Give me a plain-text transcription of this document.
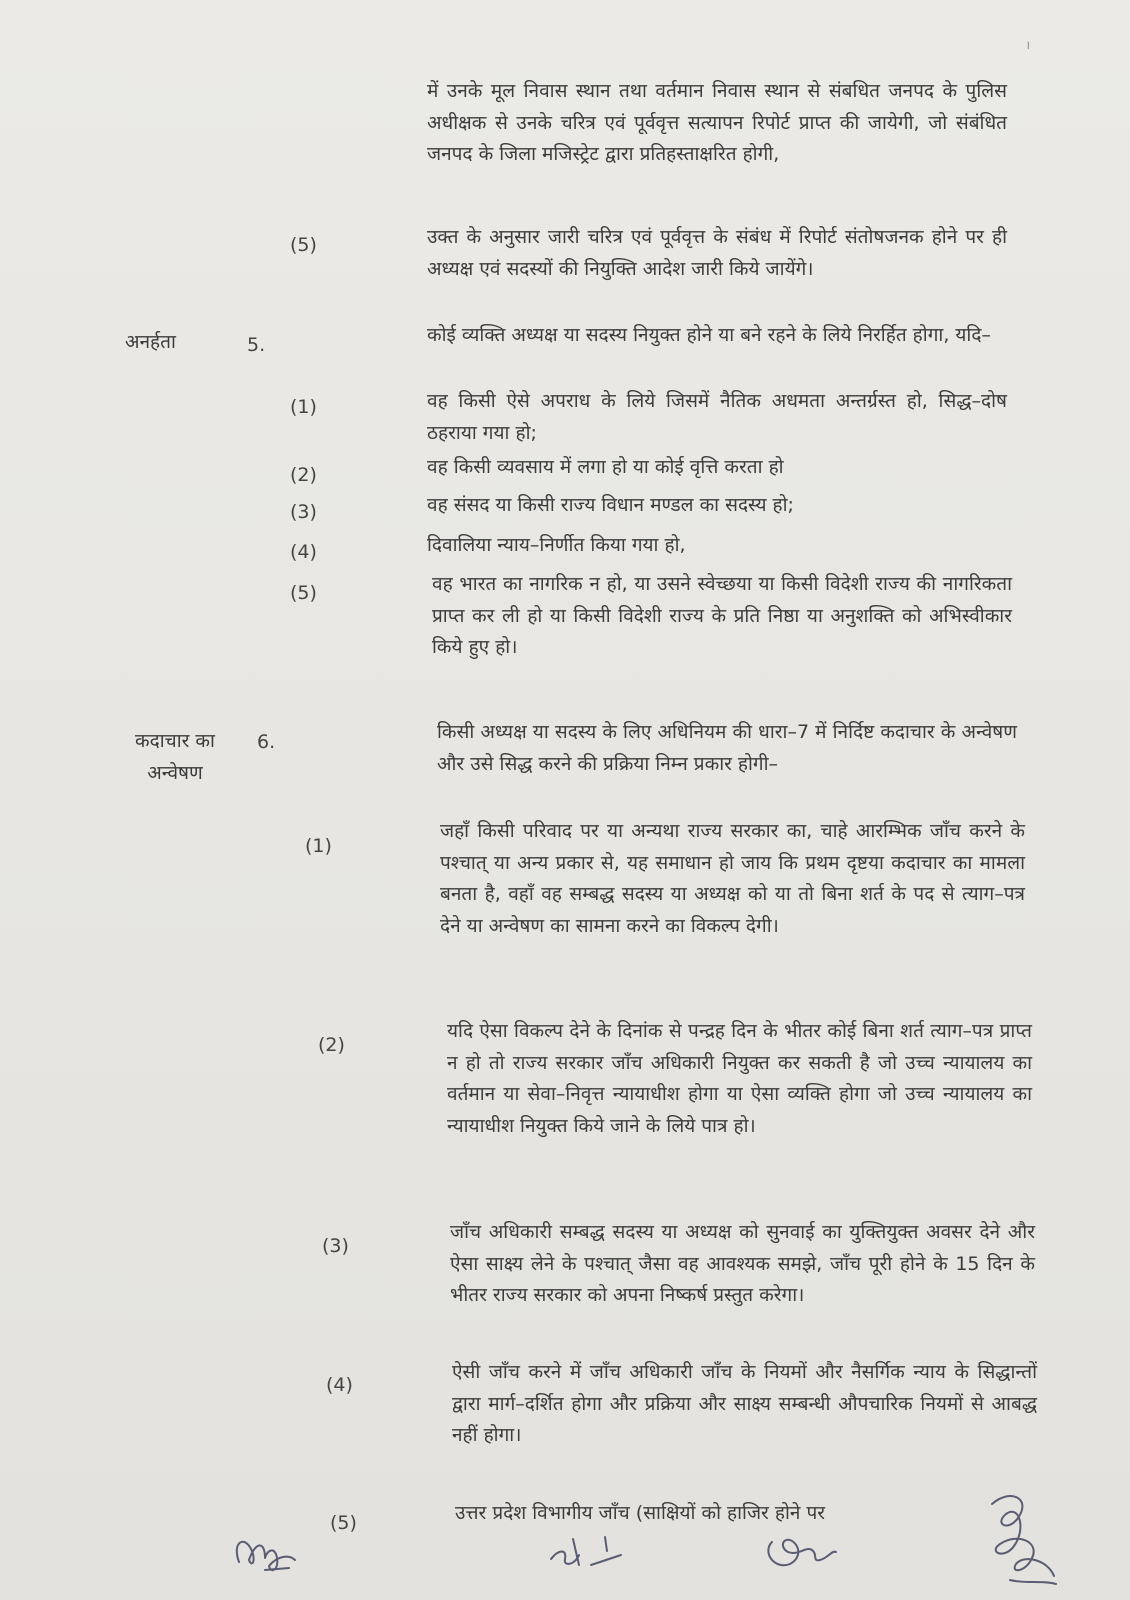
।
में उनके मूल निवास स्थान तथा वर्तमान निवास स्थान से संबधित जनपद के पुलिस अधीक्षक से उनके चरित्र एवं पूर्ववृत्त सत्यापन रिपोर्ट प्राप्त की जायेगी, जो संबंधित जनपद के जिला मजिस्ट्रेट द्वारा प्रतिहस्ताक्षरित होगी,
(5)	उक्त के अनुसार जारी चरित्र एवं पूर्ववृत्त के संबंध में रिपोर्ट संतोषजनक होने पर ही अध्यक्ष एवं सदस्यों की नियुक्ति आदेश जारी किये जायेंगे।
अनर्हता	5.	कोई व्यक्ति अध्यक्ष या सदस्य नियुक्त होने या बने रहने के लिये निरर्हित होगा, यदि–
(1)	वह किसी ऐसे अपराध के लिये जिसमें नैतिक अधमता अन्तर्ग्रस्त हो, सिद्ध–दोष ठहराया गया हो;
(2)	वह किसी व्यवसाय में लगा हो या कोई वृत्ति करता हो
(3)	वह संसद या किसी राज्य विधान मण्डल का सदस्य हो;
(4)	दिवालिया न्याय–निर्णीत किया गया हो,
(5)	वह भारत का नागरिक न हो, या उसने स्वेच्छया या किसी विदेशी राज्य की नागरिकता प्राप्त कर ली हो या किसी विदेशी राज्य के प्रति निष्ठा या अनुशक्ति को अभिस्वीकार किये हुए हो।
कदाचार का अन्वेषण
6.	किसी अध्यक्ष या सदस्य के लिए अधिनियम की धारा–7 में निर्दिष्ट कदाचार के अन्वेषण और उसे सिद्ध करने की प्रक्रिया निम्न प्रकार होगी–
(1)
जहाँ किसी परिवाद पर या अन्यथा राज्य सरकार का, चाहे आरम्भिक जाँच करने के पश्चात् या अन्य प्रकार से, यह समाधान हो जाय कि प्रथम दृष्टया कदाचार का मामला बनता है, वहाँ वह सम्बद्ध सदस्य या अध्यक्ष को या तो बिना शर्त के पद से त्याग–पत्र देने या अन्वेषण का सामना करने का विकल्प देगी।
(2)
यदि ऐसा विकल्प देने के दिनांक से पन्द्रह दिन के भीतर कोई बिना शर्त त्याग–पत्र प्राप्त न हो तो राज्य सरकार जाँच अधिकारी नियुक्त कर सकती है जो उच्च न्यायालय का वर्तमान या सेवा–निवृत्त न्यायाधीश होगा या ऐसा व्यक्ति होगा जो उच्च न्यायालय का न्यायाधीश नियुक्त किये जाने के लिये पात्र हो।
(3)
जाँच अधिकारी सम्बद्ध सदस्य या अध्यक्ष को सुनवाई का युक्तियुक्त अवसर देने और ऐसा साक्ष्य लेने के पश्चात् जैसा वह आवश्यक समझे, जाँच पूरी होने के 15 दिन के भीतर राज्य सरकार को अपना निष्कर्ष प्रस्तुत करेगा।
(4)
ऐसी जाँच करने में जाँच अधिकारी जाँच के नियमों और नैसर्गिक न्याय के सिद्धान्तों द्वारा मार्ग–दर्शित होगा और प्रक्रिया और साक्ष्य सम्बन्धी औपचारिक नियमों से आबद्ध नहीं होगा।
(5)	उत्तर प्रदेश विभागीय जाँच (साक्षियों को हाजिर होने पर
